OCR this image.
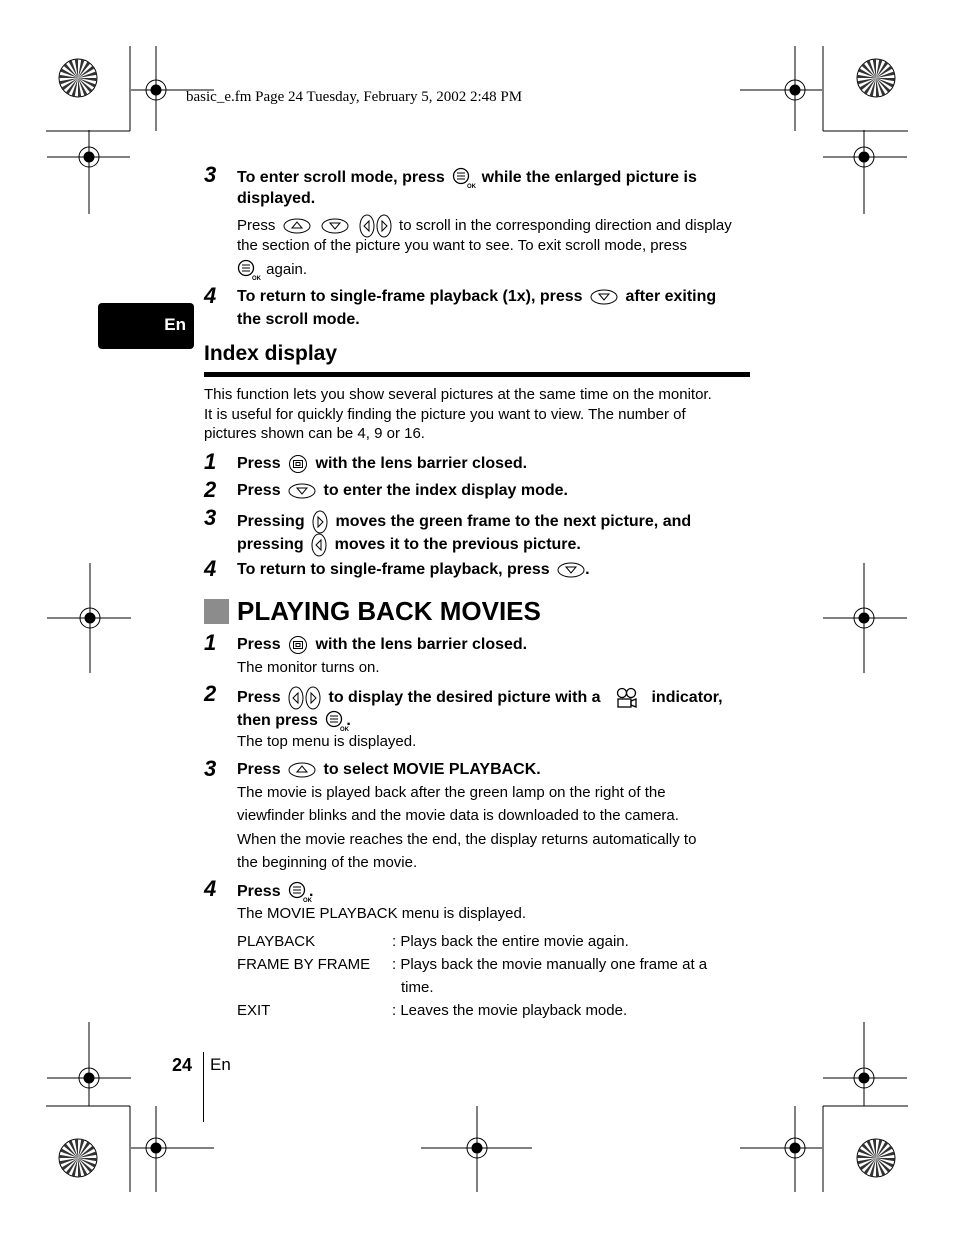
basic_e.fm Page 24 Tuesday, February 5, 2002 2:48 PM
En
3 To enter scroll mode, press
OK
while the enlarged picture is
displayed.
Press	to scroll in the corresponding direction and display
the section of the picture you want to see. To exit scroll mode, press
OK
again.
4 To return to single-frame playback (1x), press	after exiting
the scroll mode.
Index display
This function lets you show several pictures at the same time on the monitor.
It is useful for quickly finding the picture you want to view. The number of
pictures shown can be 4, 9 or 16.
1 Press with the lens barrier closed.
2 Press	to enter the index display mode.
3 Pressing moves the green frame to the next picture, and
pressing moves it to the previous picture.
4 To return to single-frame playback, press .
PLAYING BACK MOVIES
1 Press with the lens barrier closed.
The monitor turns on.
2 Press	to display the desired picture with a	indicator,
then press
OK
.
The top menu is displayed.
3 Press	to select MOVIE PLAYBACK.
The movie is played back after the green lamp on the right of the
viewfinder blinks and the movie data is downloaded to the camera.
When the movie reaches the end, the display returns automatically to
the beginning of the movie.
4 Press
OK
.
The MOVIE PLAYBACK menu is displayed.
PLAYBACK	: Plays back the entire movie again.
FRAME BY FRAME : Plays back the movie manually one frame at a
time.
EXIT	: Leaves the movie playback mode.
24 En
